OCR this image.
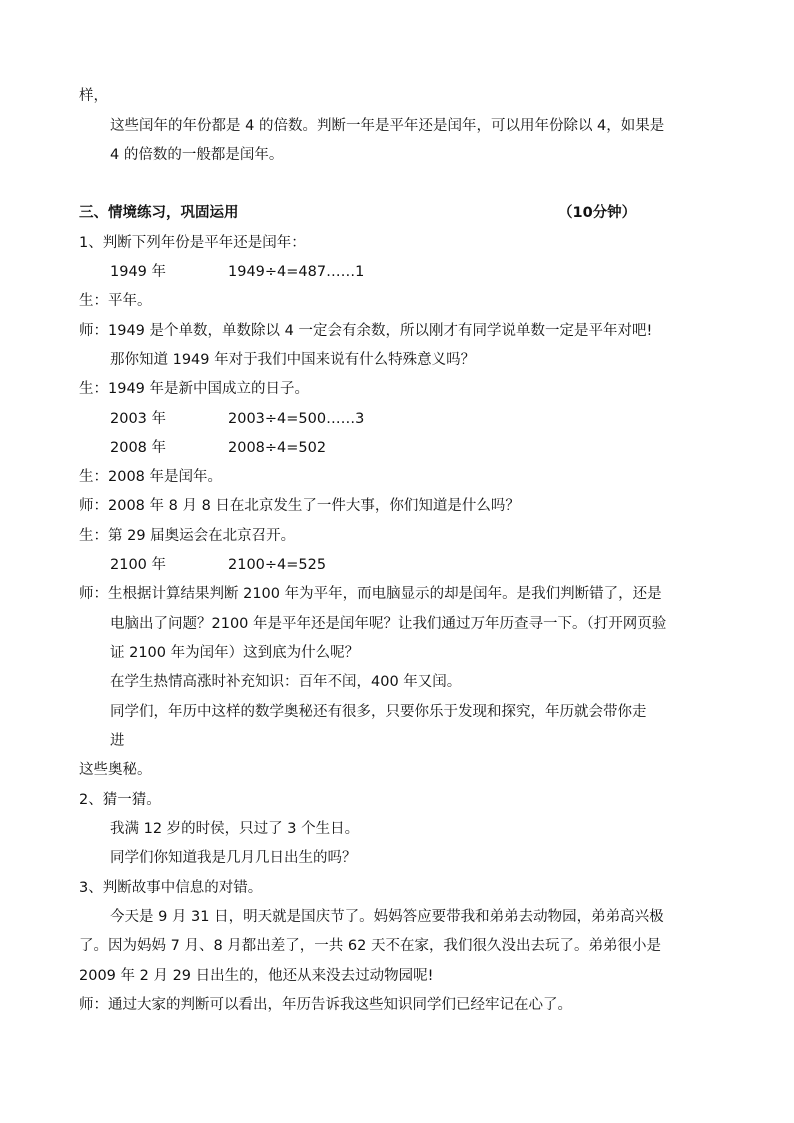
样，
这些闰年的年份都是 4 的倍数。判断一年是平年还是闰年，可以用年份除以 4，如果是
4 的倍数的一般都是闰年。
三、情境练习，巩固运用	（10分钟）
1、判断下列年份是平年还是闰年：
1949 年	1949÷4=487……1
生：平年。
师：1949 是个单数，单数除以 4 一定会有余数，所以刚才有同学说单数一定是平年对吧!
那你知道 1949 年对于我们中国来说有什么特殊意义吗？
生：1949 年是新中国成立的日子。
2003 年	2003÷4=500……3
2008 年	2008÷4=502
生：2008 年是闰年。
师：2008 年 8 月 8 日在北京发生了一件大事，你们知道是什么吗？
生：第 29 届奥运会在北京召开。
2100 年	2100÷4=525
师：生根据计算结果判断 2100 年为平年，而电脑显示的却是闰年。是我们判断错了，还是
电脑出了问题？2100 年是平年还是闰年呢？让我们通过万年历查寻一下。（打开网页验
证 2100 年为闰年）这到底为什么呢？
在学生热情高涨时补充知识：百年不闰，400 年又闰。
同学们，年历中这样的数学奥秘还有很多，只要你乐于发现和探究，年历就会带你走
进
这些奥秘。
2、猜一猜。
我满 12 岁的时侯，只过了 3 个生日。
同学们你知道我是几月几日出生的吗？
3、判断故事中信息的对错。
今天是 9 月 31 日，明天就是国庆节了。妈妈答应要带我和弟弟去动物园，弟弟高兴极
了。因为妈妈 7 月、8 月都出差了，一共 62 天不在家，我们很久没出去玩了。弟弟很小是
2009 年 2 月 29 日出生的，他还从来没去过动物园呢!
师：通过大家的判断可以看出，年历告诉我这些知识同学们已经牢记在心了。
